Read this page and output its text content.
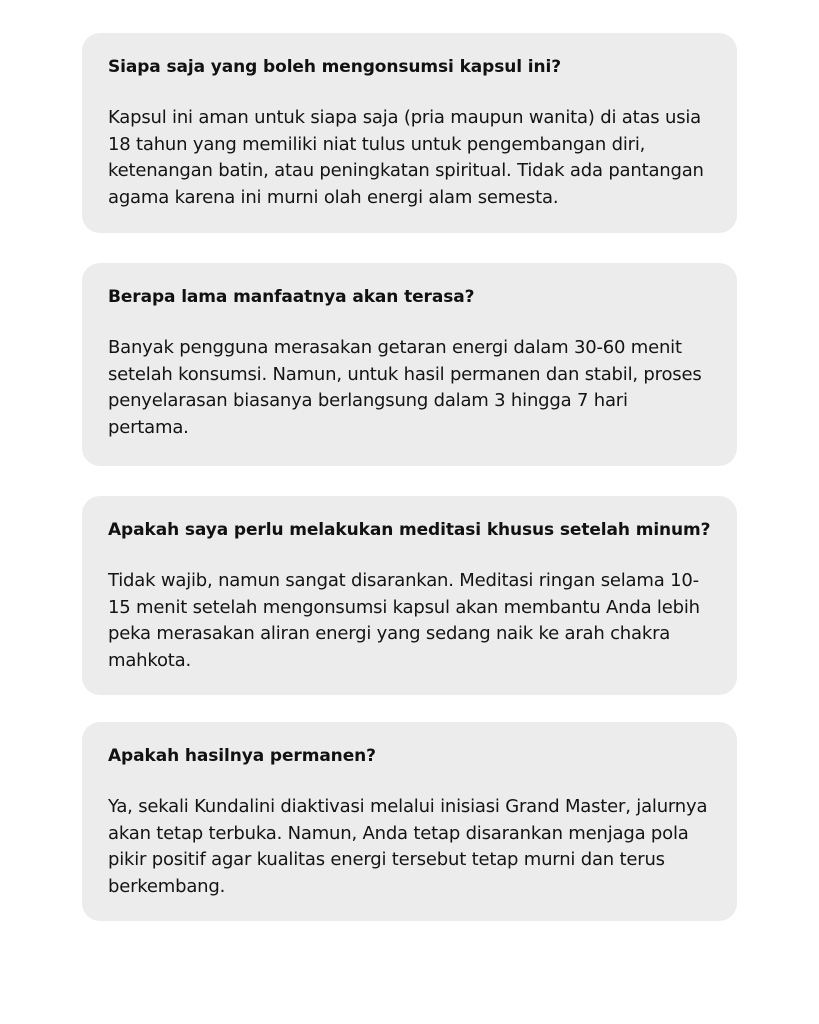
Siapa saja yang boleh mengonsumsi kapsul ini?

Kapsul ini aman untuk siapa saja (pria maupun wanita) di atas usia 18 tahun yang memiliki niat tulus untuk pengembangan diri, ketenangan batin, atau peningkatan spiritual. Tidak ada pantangan agama karena ini murni olah energi alam semesta.

Berapa lama manfaatnya akan terasa?

Banyak pengguna merasakan getaran energi dalam 30-60 menit setelah konsumsi. Namun, untuk hasil permanen dan stabil, proses penyelarasan biasanya berlangsung dalam 3 hingga 7 hari pertama.

Apakah saya perlu melakukan meditasi khusus setelah minum?

Tidak wajib, namun sangat disarankan. Meditasi ringan selama 10-15 menit setelah mengonsumsi kapsul akan membantu Anda lebih peka merasakan aliran energi yang sedang naik ke arah chakra mahkota.

Apakah hasilnya permanen?

Ya, sekali Kundalini diaktivasi melalui inisiasi Grand Master, jalurnya akan tetap terbuka. Namun, Anda tetap disarankan menjaga pola pikir positif agar kualitas energi tersebut tetap murni dan terus berkembang.
